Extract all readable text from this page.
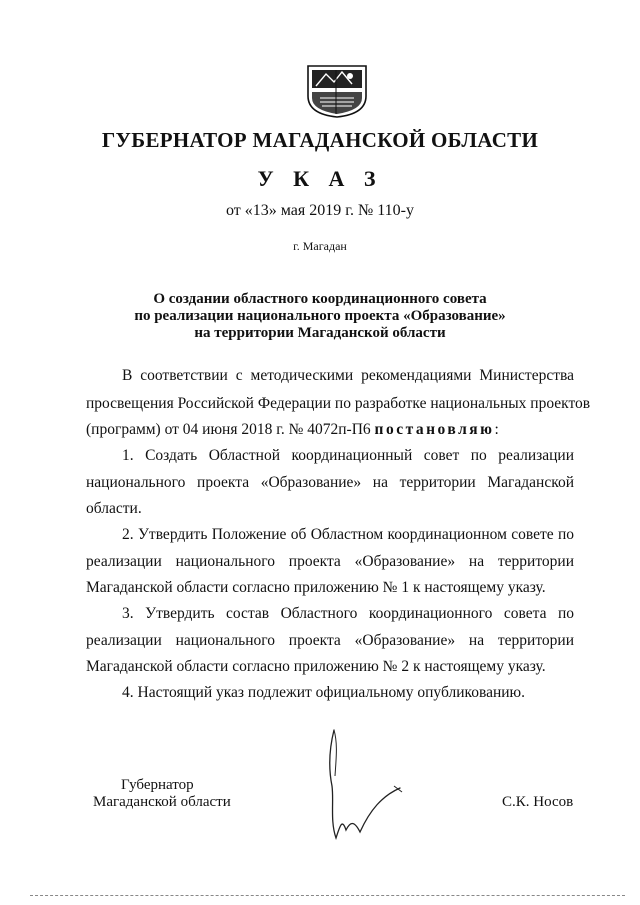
ГУБЕРНАТОР МАГАДАНСКОЙ ОБЛАСТИ
У К А З
от «13» мая 2019 г. № 110-у
г. Магадан
О создании областного координационного совета
по реализации национального проекта «Образование»
на территории Магаданской области
В соответствии с методическими рекомендациями Министерства
просвещения Российской Федерации по разработке национальных проектов
(программ) от 04 июня 2018 г. № 4072п-П6 постановляю:
1. Создать Областной координационный совет по реализации
национального проекта «Образование» на территории Магаданской
области.
2. Утвердить Положение об Областном координационном совете по
реализации национального проекта «Образование» на территории
Магаданской области согласно приложению № 1 к настоящему указу.
3. Утвердить состав Областного координационного совета по
реализации национального проекта «Образование» на территории
Магаданской области согласно приложению № 2 к настоящему указу.
4. Настоящий указ подлежит официальному опубликованию.
Губернатор
Магаданской области	С.К. Носов
